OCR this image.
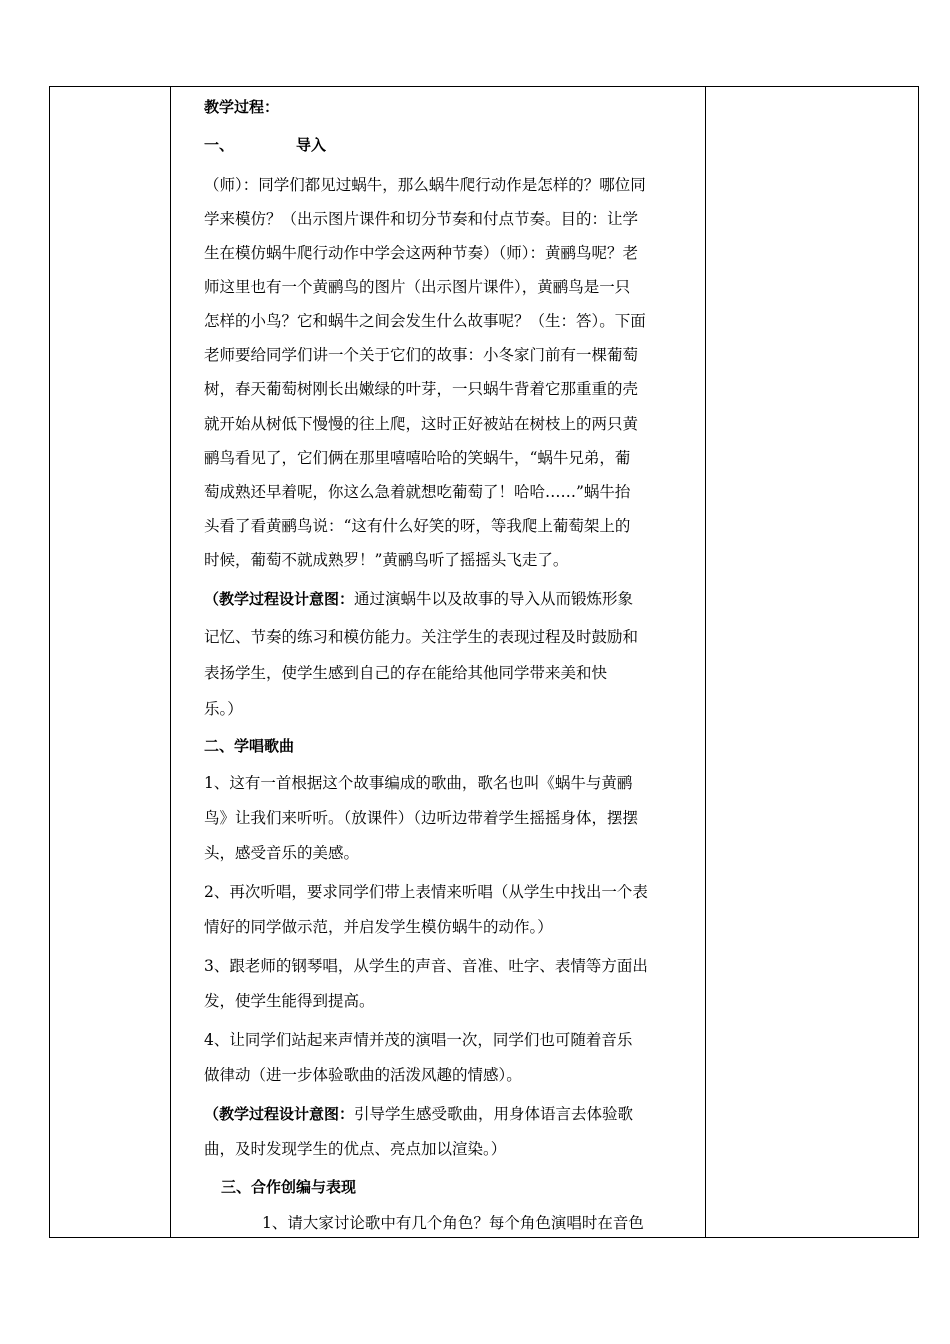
教学过程：
一、	导入
（师）：同学们都见过蜗牛，那么蜗牛爬行动作是怎样的？哪位同
学来模仿？（出示图片课件和切分节奏和付点节奏。目的：让学
生在模仿蜗牛爬行动作中学会这两种节奏）（师）：黄鹂鸟呢？老
师这里也有一个黄鹂鸟的图片（出示图片课件），黄鹂鸟是一只
怎样的小鸟？它和蜗牛之间会发生什么故事呢？（生：答）。下面
老师要给同学们讲一个关于它们的故事：小冬家门前有一棵葡萄
树，春天葡萄树刚长出嫩绿的叶芽，一只蜗牛背着它那重重的壳
就开始从树低下慢慢的往上爬，这时正好被站在树枝上的两只黄
鹂鸟看见了，它们俩在那里嘻嘻哈哈的笑蜗牛，“蜗牛兄弟，葡
萄成熟还早着呢，你这么急着就想吃葡萄了！哈哈……”蜗牛抬
头看了看黄鹂鸟说：“这有什么好笑的呀，等我爬上葡萄架上的
时候，葡萄不就成熟罗！”黄鹂鸟听了摇摇头飞走了。
（教学过程设计意图：通过演蜗牛以及故事的导入从而锻炼形象
记忆、节奏的练习和模仿能力。关注学生的表现过程及时鼓励和
表扬学生，使学生感到自己的存在能给其他同学带来美和快
乐。）
二、学唱歌曲
1、这有一首根据这个故事编成的歌曲，歌名也叫《蜗牛与黄鹂
鸟》让我们来听听。（放课件）（边听边带着学生摇摇身体，摆摆
头，感受音乐的美感。
2、再次听唱，要求同学们带上表情来听唱（从学生中找出一个表
情好的同学做示范，并启发学生模仿蜗牛的动作。）
3、跟老师的钢琴唱，从学生的声音、音准、吐字、表情等方面出
发，使学生能得到提高。
4、让同学们站起来声情并茂的演唱一次，同学们也可随着音乐
做律动（进一步体验歌曲的活泼风趣的情感）。
（教学过程设计意图：引导学生感受歌曲，用身体语言去体验歌
曲，及时发现学生的优点、亮点加以渲染。）
三、合作创编与表现
1、请大家讨论歌中有几个角色？每个角色演唱时在音色
